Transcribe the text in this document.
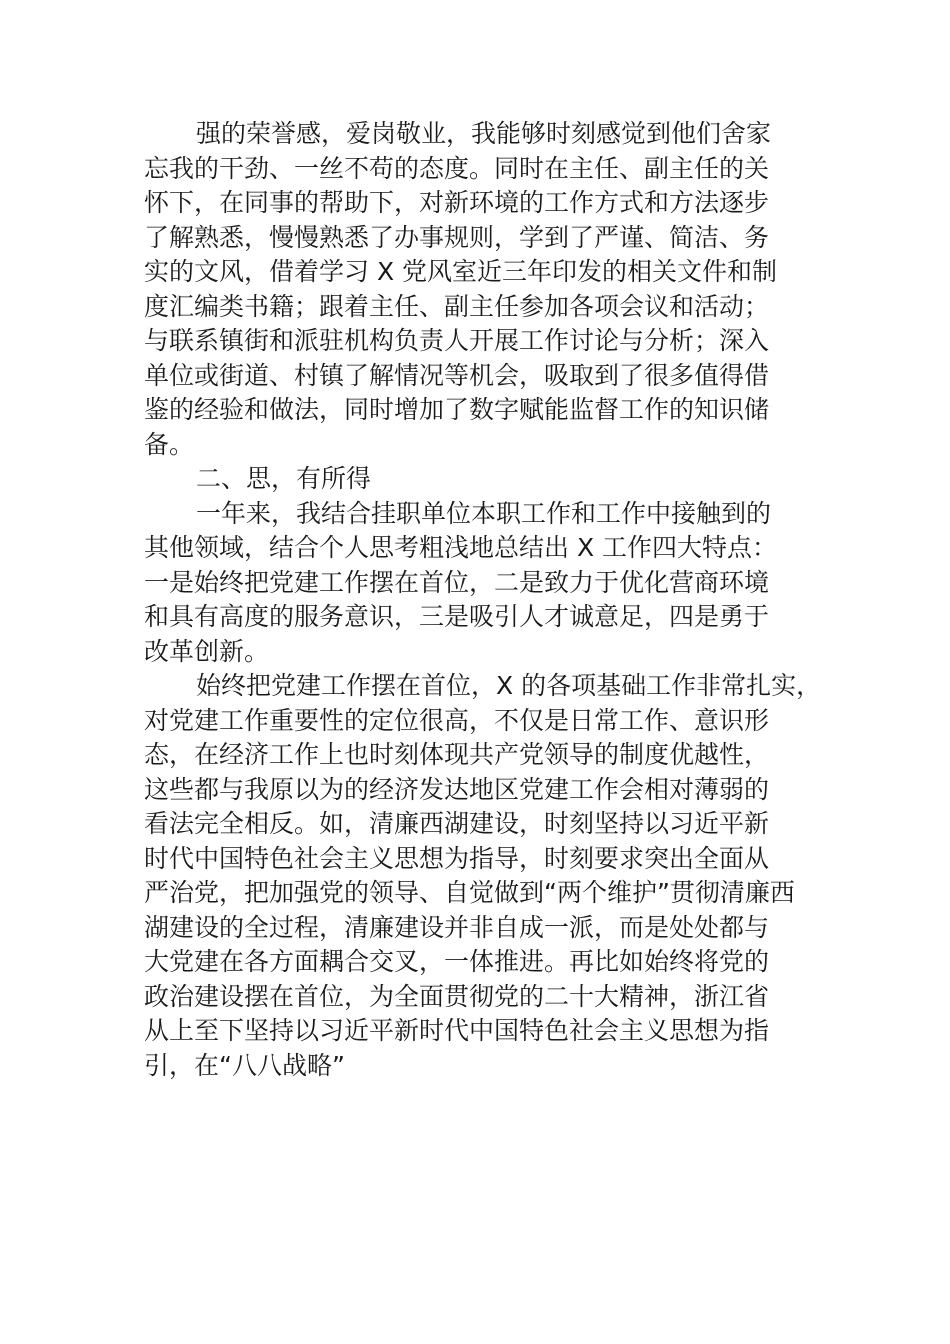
强的荣誉感，爱岗敬业，我能够时刻感觉到他们舍家
忘我的干劲、一丝不苟的态度。同时在主任、副主任的关
怀下，在同事的帮助下，对新环境的工作方式和方法逐步
了解熟悉，慢慢熟悉了办事规则，学到了严谨、简洁、务
实的文风，借着学习 X 党风室近三年印发的相关文件和制
度汇编类书籍；跟着主任、副主任参加各项会议和活动；
与联系镇街和派驻机构负责人开展工作讨论与分析；深入
单位或街道、村镇了解情况等机会，吸取到了很多值得借
鉴的经验和做法，同时增加了数字赋能监督工作的知识储
备。
二、思，有所得
一年来，我结合挂职单位本职工作和工作中接触到的
其他领域，结合个人思考粗浅地总结出 X 工作四大特点：
一是始终把党建工作摆在首位，二是致力于优化营商环境
和具有高度的服务意识，三是吸引人才诚意足，四是勇于
改革创新。
始终把党建工作摆在首位，X 的各项基础工作非常扎实，
对党建工作重要性的定位很高，不仅是日常工作、意识形
态，在经济工作上也时刻体现共产党领导的制度优越性，
这些都与我原以为的经济发达地区党建工作会相对薄弱的
看法完全相反。如，清廉西湖建设，时刻坚持以习近平新
时代中国特色社会主义思想为指导，时刻要求突出全面从
严治党，把加强党的领导、自觉做到“两个维护”贯彻清廉西
湖建设的全过程，清廉建设并非自成一派，而是处处都与
大党建在各方面耦合交叉，一体推进。再比如始终将党的
政治建设摆在首位，为全面贯彻党的二十大精神，浙江省
从上至下坚持以习近平新时代中国特色社会主义思想为指
引，在“八八战略”
